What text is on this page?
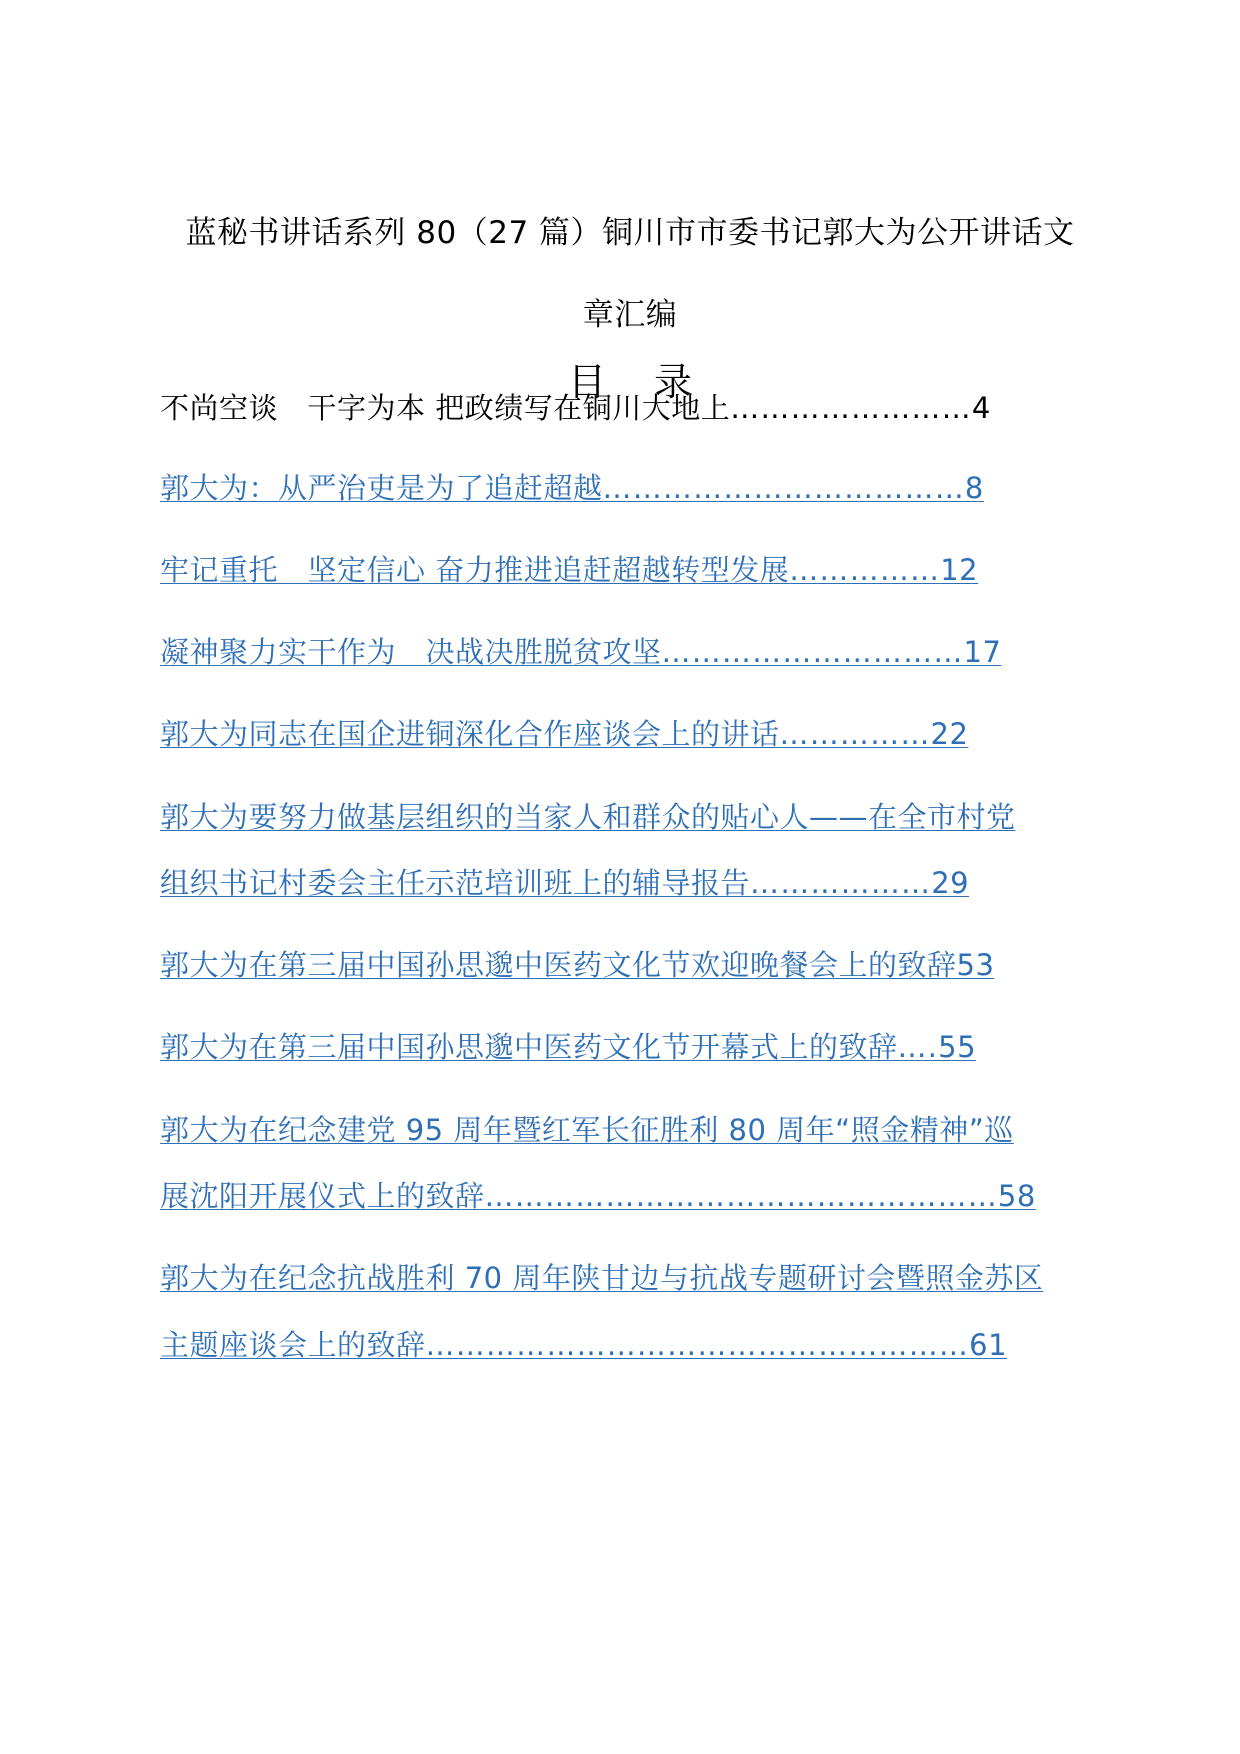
蓝秘书讲话系列 80（27 篇）铜川市市委书记郭大为公开讲话文
章汇编
目 录
不尚空谈　干字为本 把政绩写在铜川大地上……………………4
郭大为：从严治吏是为了追赶超越………………………………8
牢记重托　坚定信心 奋力推进追赶超越转型发展……………12
凝神聚力实干作为　决战决胜脱贫攻坚…………………………17
郭大为同志在国企进铜深化合作座谈会上的讲话……………22
郭大为要努力做基层组织的当家人和群众的贴心人——在全市村党
组织书记村委会主任示范培训班上的辅导报告………………29
郭大为在第三届中国孙思邈中医药文化节欢迎晚餐会上的致辞53
郭大为在第三届中国孙思邈中医药文化节开幕式上的致辞….55
郭大为在纪念建党 95 周年暨红军长征胜利 80 周年“照金精神”巡
展沈阳开展仪式上的致辞……………………………………………58
郭大为在纪念抗战胜利 70 周年陕甘边与抗战专题研讨会暨照金苏区
主题座谈会上的致辞………………………………………………61
